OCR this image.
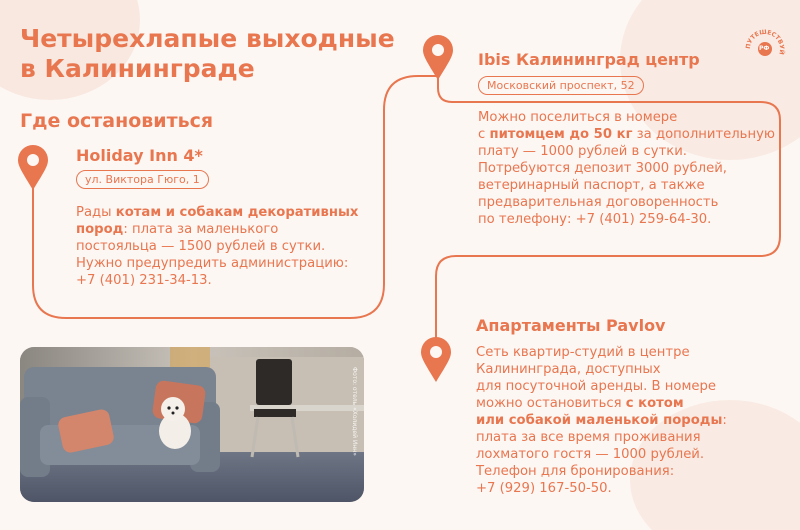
Четырехлапые выходные
в Калининграде
Где остановиться
Holiday Inn 4*
ул. Виктора Гюго, 1
Рады котам и собакам декоративных
пород: плата за маленького
постояльца — 1500 рублей в сутки.
Нужно предупредить администрацию:
+7 (401) 231-34-13.
Ibis Калининград центр
Московский проспект, 52
Можно поселиться в номере
с питомцем до 50 кг за дополнительную
плату — 1000 рублей в сутки.
Потребуются депозит 3000 рублей,
ветеринарный паспорт, а также
предварительная договоренность
по телефону: +7 (401) 259-64-30.
Апартаменты Pavlov
Сеть квартир-студий в центре
Калининграда, доступных
для посуточной аренды. В номере
можно остановиться с котом
или собакой маленькой породы:
плата за все время проживания
лохматого гостя — 1000 рублей.
Телефон для бронирования:
+7 (929) 167-50-50.
Фото: отель «Холидей Инн»
ПУТЕШЕСТВУЙ
РФ
